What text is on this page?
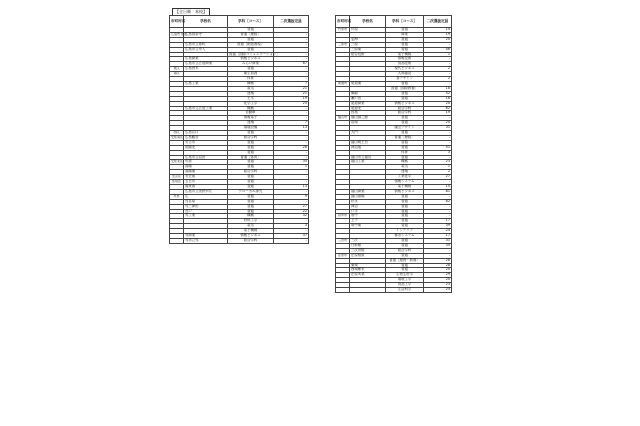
【全日制　本校】
市町村名	学校名	学科［コース］	二次選抜定員
		普通	-
広島市 中区	広島国泰寺	普通［理数］	-
		普通	-
	広島市立基町	普通［創造表現］	-
	広島市立舟入	普通	-
		普通［国際コミュニケーション］	-
	広島商業	情報ビジネス	-
	広島市立広島商業	みらい商業	67
東区	広島皆実	普通	-
南区		衛生看護	-
		体育	-
	広島工業	機械	7
		電気	21
		建築	21
		土木	19
		化学工学	25
	広島市立広島工業	機械	-
		自動車	-
		情報電子	-
		建築	7
		環境設備	13
西区	広島井口	普通	-
安佐南区	広島観音	総合学科	-
	安古市	普通	-
	祇園北	普通	28
		普通	-
	広島市立沼田	普通［体育］	-
安佐北区	可部	普通	35
	高陽	普通	1
	高陽東	総合学科	-
安芸区	安芸南	普通	-
佐伯区	五日市	普通	-
	湯来南	普通	13
	広島市立美鈴が丘	グローカル探究	-
呉市	広	普通	9
	呉宮原	普通	-
	呉三津田	普通	27
	音戸	普通	22
	呉工業	機械	32
		材料工学	-
		電気	3
		電子機械	-
	呉商業	情報ビジネス	37
	呉市立呉	総合学科	-
市町村名	学校名	学科［コース］	二次選抜定員
竹原市	竹原	普通	14
		商業	19
	忠海	普通	20
三原市	三原	普通	-
	三原東	普通	46
	総合技術	電子機械	1
		情報技術	-
		食品技術	-
		現代ビジネス	2
		人間福祉	-
		食デザイン	2
尾道市	尾道東	普通	-
		普通［国際教養］	18
	御調	普通	42
	瀬戸田	普通	16
	尾道商業	情報ビジネス	20
	尾道北	総合学科	62
	因島	総合学科	19
福山市	福山誠之館	普通	-
	沼南	普通	24
		園芸デザイン	31
	大門	普通	-
		普通［理数］	-
	福山明王台	普通	-
	神辺旭	普通	51
		体育	3
	福山市立福山	普通	-
	福山工業	機械	23
		電気	1
		建築	2
		工業化学	27
		情報システム	-
		電子機械	15
	福山商業	情報ビジネス	81
	福山葦陽	普通	-
	松永	普通	62
	神辺	普通	-
	戸手	普通	-
府中市	府中	普通	-
	上下	普通	17
	府中東	普通	39
		インテリア	24
		都市システム	17
三次市	三次	普通	31
	日彰館	普通	35
	三次青陵	総合学科	-
庄原市	庄原格致	普通	-
		普通［連携・教養］	28
	東城	普通	28
	西城紫水	普通	20
	庄原実業	生物生産学	29
		環境工学	20
		食品工学	23
		生活科学	25
